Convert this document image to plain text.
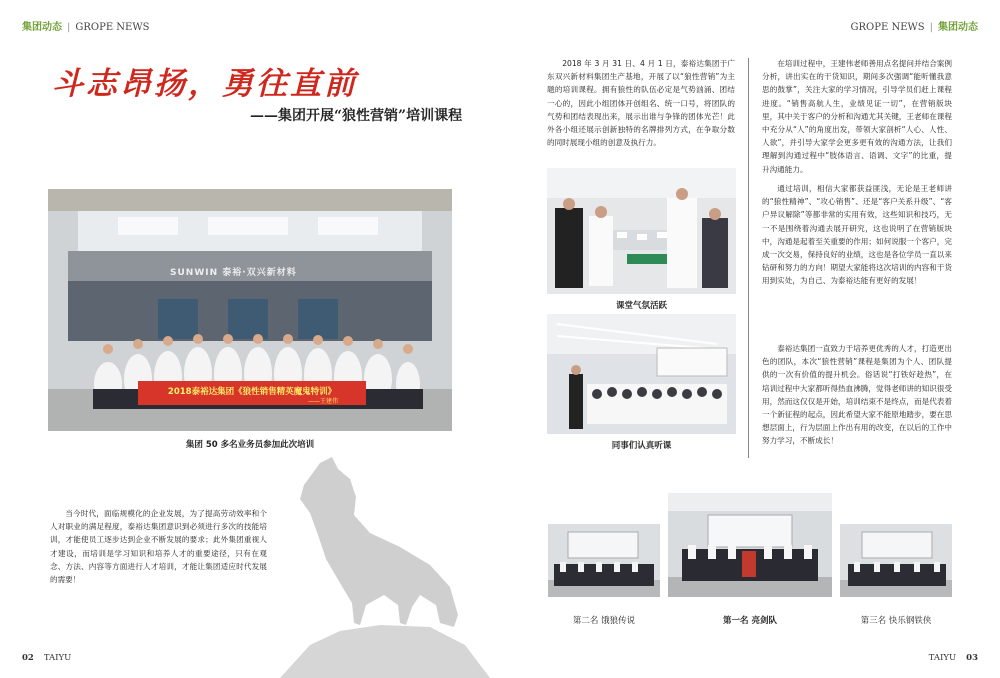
集团动态 | GROPE NEWS	GROPE NEWS | 集团动态
斗志昂扬，勇往直前
——集团开展“狼性营销”培训课程
SUNWIN 泰裕·双兴新材料
2018泰裕达集团《狼性销售精英魔鬼特训》
——王建伟
集团 50 多名业务员参加此次培训

当今时代，面临规模化的企业发展，为了提高劳动效率和个人对职业的满足程度，泰裕达集团意识到必须进行多次的技能培训，才能使员工逐步达到企业不断发展的要求；此外集团重视人才建设，而培训是学习知识和培养人才的重要途径，只有在观念、方法、内容等方面进行人才培训，才能让集团适应时代发展的需要！

2018 年 3 月 31 日、4 月 1 日，泰裕达集团于广东双兴新材料集团生产基地，开展了以“狼性营销”为主题的培训课程。拥有狼性的队伍必定是气势汹涌、团结一心的，因此小组团体开创组名、统一口号，将团队的气势和团结表现出来，展示出谁与争锋的团体光芒！此外各小组还展示创新独特的名牌排列方式，在争取分数的同时展现小组的创意及执行力。

课堂气氛活跃
同事们认真听课

在培训过程中，王建伟老师善用点名提问并结合案例分析，讲出实在的干货知识，期间多次强调“能听懂我意思的鼓掌”，关注大家的学习情况，引导学员们赶上课程进度。“销售高航人生，业绩见证一切”，在营销版块里，其中关于客户的分析和沟通尤其关键，王老师在课程中充分从“人”的角度出发，带领大家剖析“人心、人性、人欲”，并引导大家学会更多更有效的沟通方法，让我们理解到沟通过程中“肢体语言、语调、文字”的比重，提升沟通能力。

通过培训，相信大家都获益匪浅，无论是王老师讲的“狼性精神”、“攻心销售”、还是“客户关系升级”、“客户异议解除”等都非常的实用有效，这些知识和技巧，无一不是围绕着沟通去展开研究，这也说明了在营销版块中，沟通是起着至关重要的作用；如何说服一个客户，完成一次交易，保持良好的业绩，这也是各位学员一直以来钻研和努力的方向！期望大家能将这次培训的内容和干货用到实处，为自己、为泰裕达能有更好的发展！

泰裕达集团一直致力于培养更优秀的人才，打造更出色的团队，本次“狼性营销”课程是集团为个人、团队提供的一次有价值的提升机会。俗话说“打铁好趁热”，在培训过程中大家都听得热血沸腾，觉得老师讲的知识很受用，然而这仅仅是开始，培训结束不是终点，而是代表着一个新征程的起点，因此希望大家不能原地踏步，要在思想层面上，行为层面上作出有用的改变，在以后的工作中努力学习，不断成长！

第二名 饿狼传说	第一名 亮剑队	第三名 快乐钢铁侠
02 TAIYU	TAIYU 03
